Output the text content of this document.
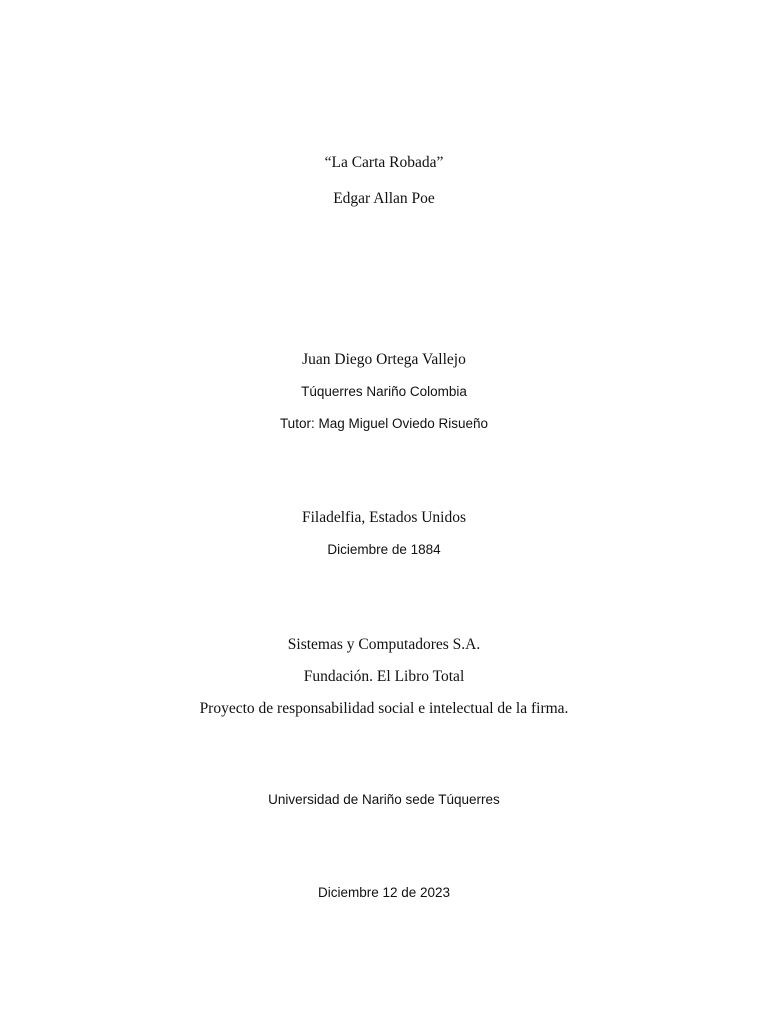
“La Carta Robada”
Edgar Allan Poe
Juan Diego Ortega Vallejo
Túquerres Nariño Colombia
Tutor: Mag Miguel Oviedo Risueño
Filadelfia, Estados Unidos
Diciembre de 1884
Sistemas y Computadores S.A.
Fundación. El Libro Total
Proyecto de responsabilidad social e intelectual de la firma.
Universidad de Nariño sede Túquerres
Diciembre 12 de 2023
